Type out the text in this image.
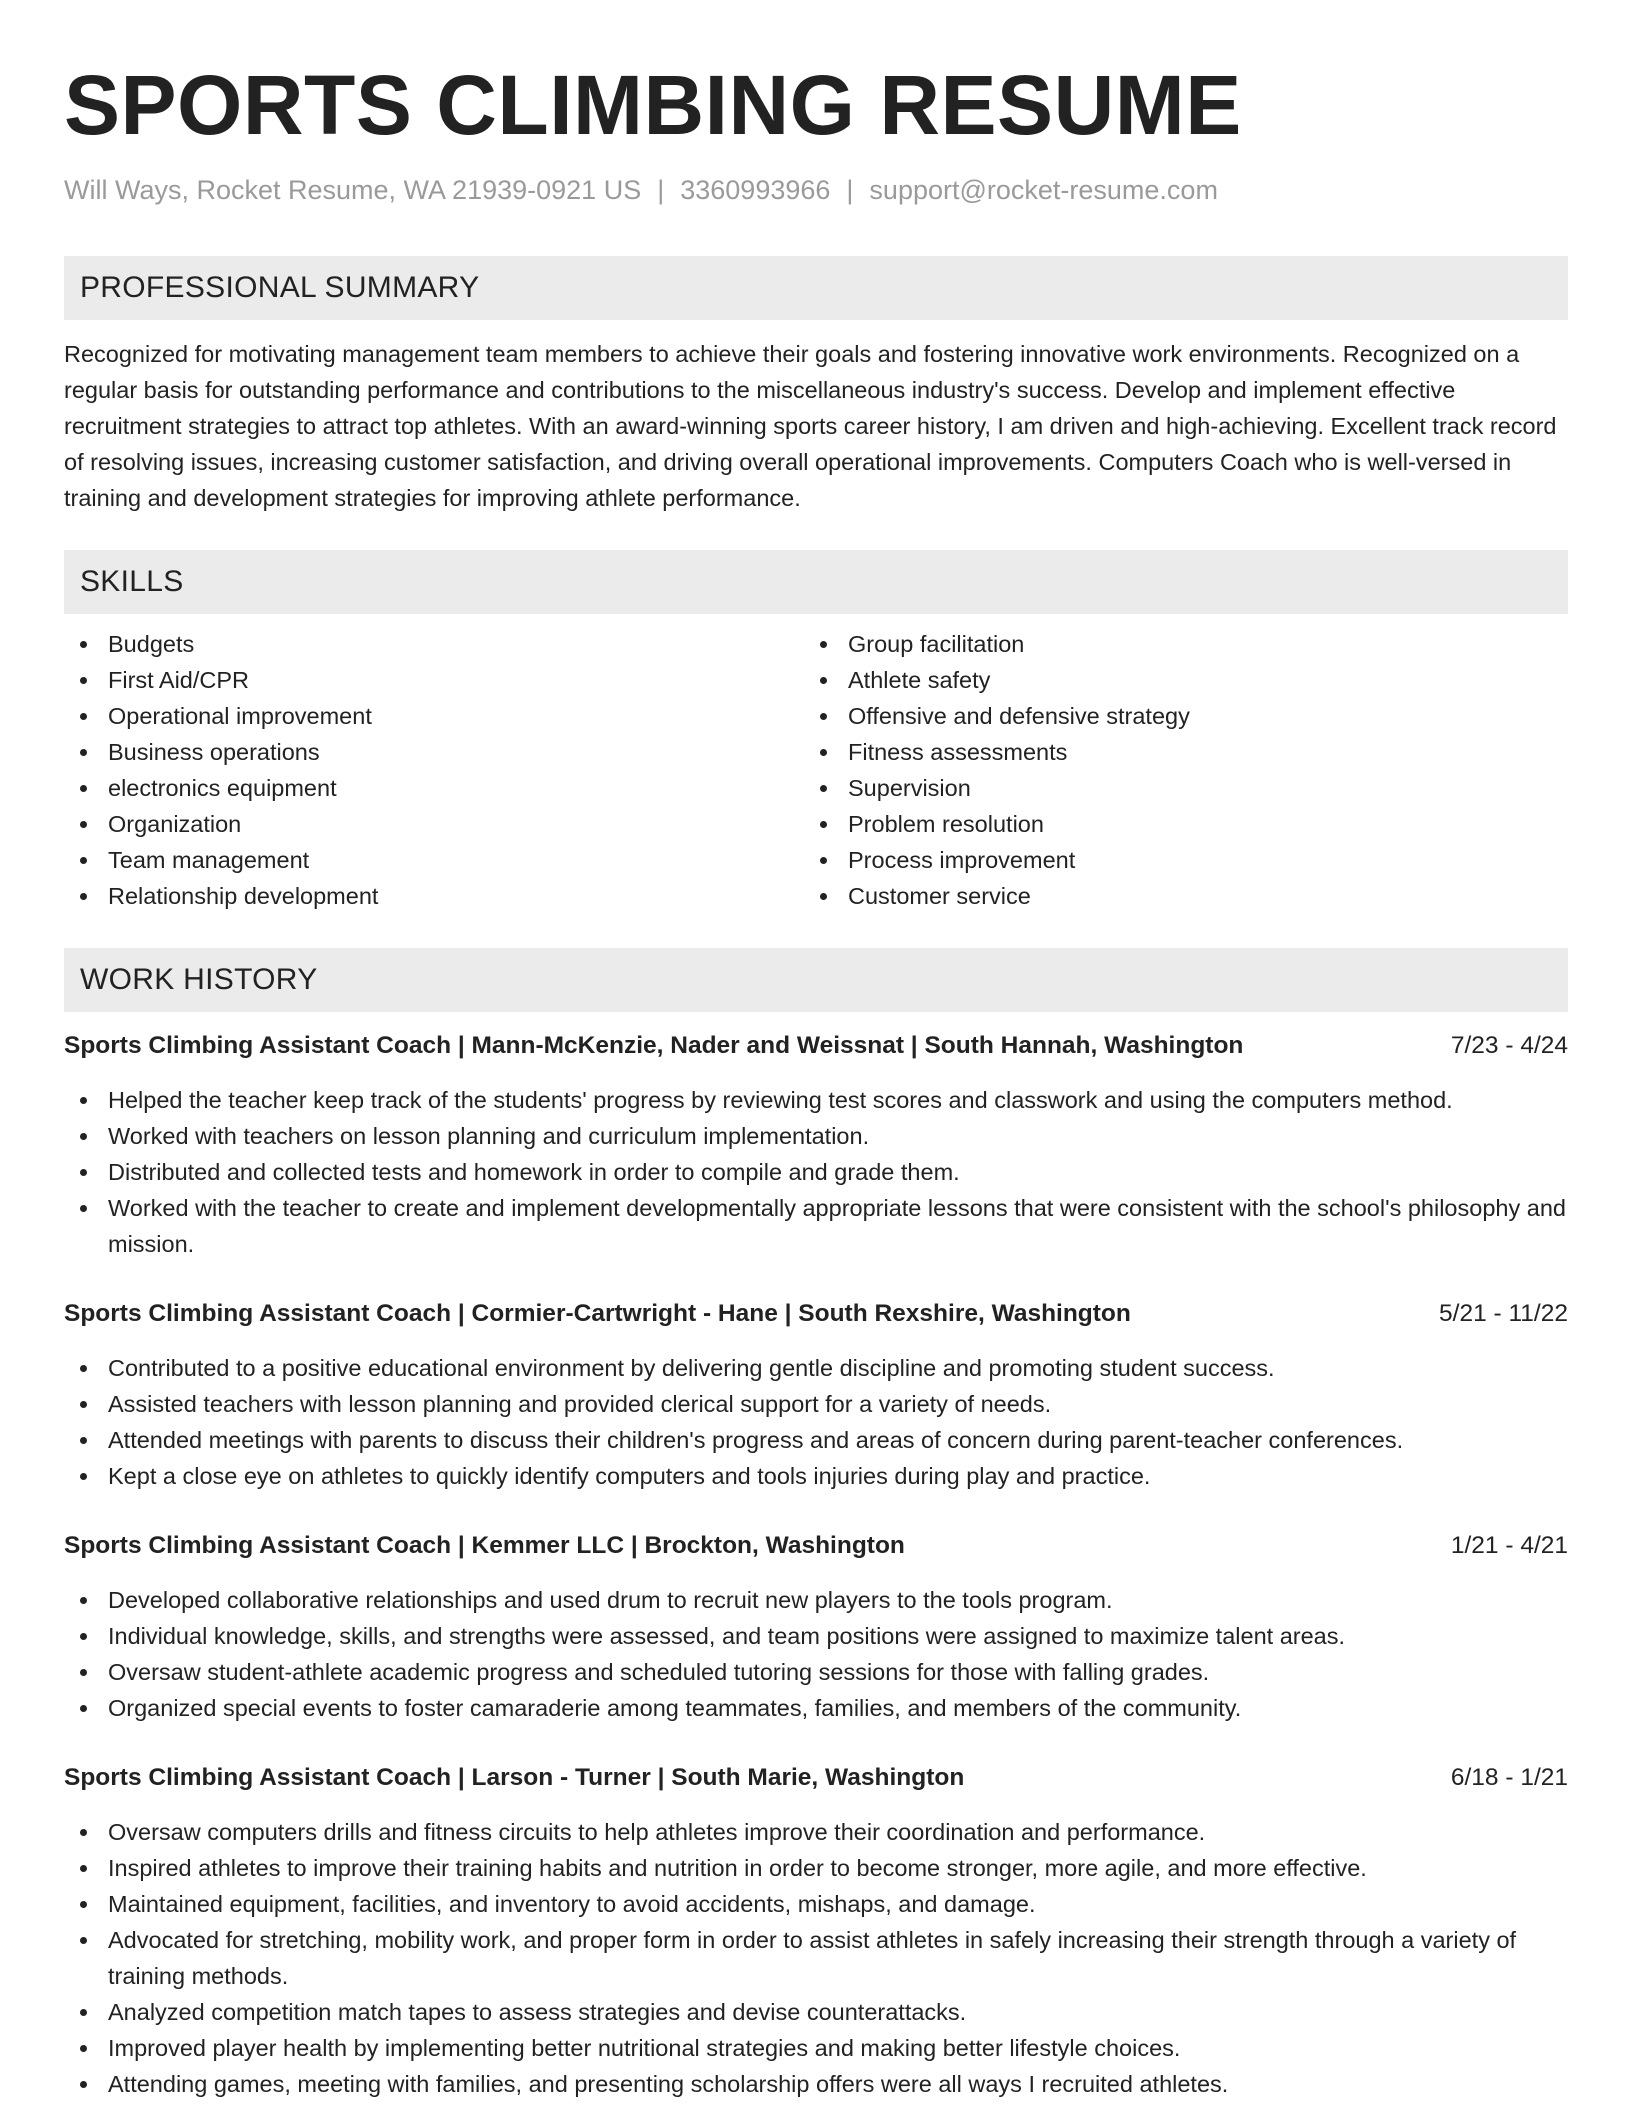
SPORTS CLIMBING RESUME
Will Ways, Rocket Resume, WA 21939-0921 US | 3360993966 | support@rocket-resume.com
PROFESSIONAL SUMMARY
Recognized for motivating management team members to achieve their goals and fostering innovative work environments. Recognized on a regular basis for outstanding performance and contributions to the miscellaneous industry's success. Develop and implement effective recruitment strategies to attract top athletes. With an award-winning sports career history, I am driven and high-achieving. Excellent track record of resolving issues, increasing customer satisfaction, and driving overall operational improvements. Computers Coach who is well-versed in training and development strategies for improving athlete performance.
SKILLS
Budgets
First Aid/CPR
Operational improvement
Business operations
electronics equipment
Organization
Team management
Relationship development
Group facilitation
Athlete safety
Offensive and defensive strategy
Fitness assessments
Supervision
Problem resolution
Process improvement
Customer service
WORK HISTORY
Sports Climbing Assistant Coach | Mann-McKenzie, Nader and Weissnat | South Hannah, Washington	7/23 - 4/24
Helped the teacher keep track of the students' progress by reviewing test scores and classwork and using the computers method.
Worked with teachers on lesson planning and curriculum implementation.
Distributed and collected tests and homework in order to compile and grade them.
Worked with the teacher to create and implement developmentally appropriate lessons that were consistent with the school's philosophy and mission.
Sports Climbing Assistant Coach | Cormier-Cartwright - Hane | South Rexshire, Washington	5/21 - 11/22
Contributed to a positive educational environment by delivering gentle discipline and promoting student success.
Assisted teachers with lesson planning and provided clerical support for a variety of needs.
Attended meetings with parents to discuss their children's progress and areas of concern during parent-teacher conferences.
Kept a close eye on athletes to quickly identify computers and tools injuries during play and practice.
Sports Climbing Assistant Coach | Kemmer LLC | Brockton, Washington	1/21 - 4/21
Developed collaborative relationships and used drum to recruit new players to the tools program.
Individual knowledge, skills, and strengths were assessed, and team positions were assigned to maximize talent areas.
Oversaw student-athlete academic progress and scheduled tutoring sessions for those with falling grades.
Organized special events to foster camaraderie among teammates, families, and members of the community.
Sports Climbing Assistant Coach | Larson - Turner | South Marie, Washington	6/18 - 1/21
Oversaw computers drills and fitness circuits to help athletes improve their coordination and performance.
Inspired athletes to improve their training habits and nutrition in order to become stronger, more agile, and more effective.
Maintained equipment, facilities, and inventory to avoid accidents, mishaps, and damage.
Advocated for stretching, mobility work, and proper form in order to assist athletes in safely increasing their strength through a variety of training methods.
Analyzed competition match tapes to assess strategies and devise counterattacks.
Improved player health by implementing better nutritional strategies and making better lifestyle choices.
Attending games, meeting with families, and presenting scholarship offers were all ways I recruited athletes.
